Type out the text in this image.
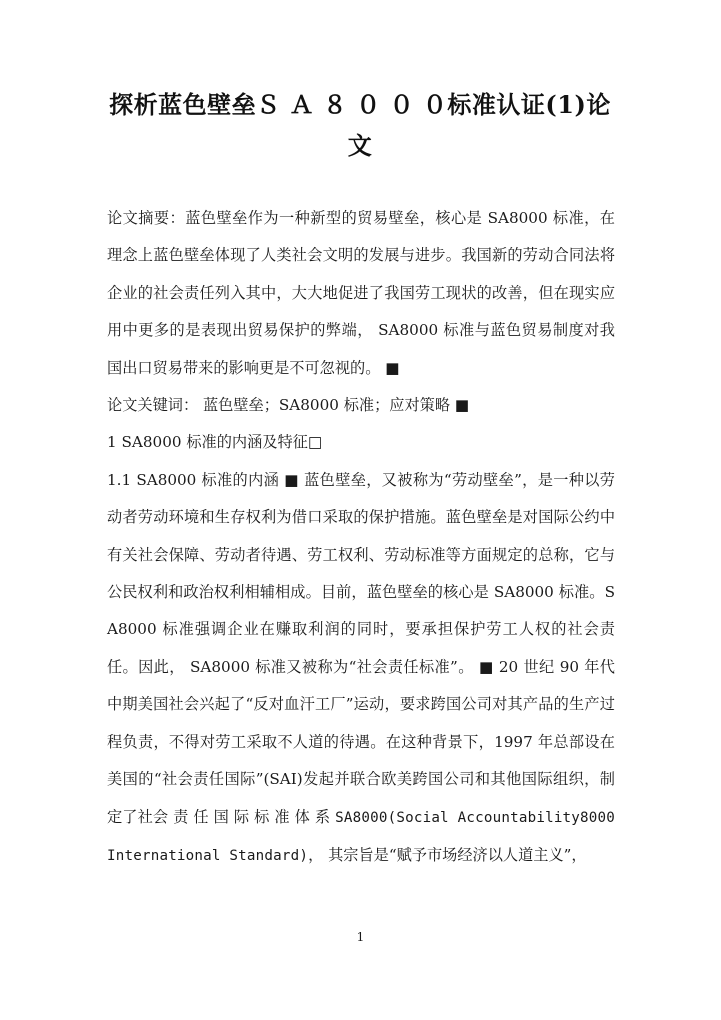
探析蓝色壁垒Ｓ Ａ ８ ０ ０ ０标准认证(1)论文

论文摘要：蓝色壁垒作为一种新型的贸易壁垒，核心是 SA8000 标准，在理念上蓝色壁垒体现了人类社会文明的发展与进步。我国新的劳动合同法将企业的社会责任列入其中，大大地促进了我国劳工现状的改善，但在现实应用中更多的是表现出贸易保护的弊端， SA8000 标准与蓝色贸易制度对我国出口贸易带来的影响更是不可忽视的。 ■

论文关键词： 蓝色壁垒；SA8000 标准；应对策略 ■

1 SA8000 标准的内涵及特征□

1.1 SA8000 标准的内涵 ■ 蓝色壁垒，又被称为“劳动壁垒”，是一种以劳动者劳动环境和生存权利为借口采取的保护措施。蓝色壁垒是对国际公约中有关社会保障、劳动者待遇、劳工权利、劳动标准等方面规定的总称，它与公民权利和政治权利相辅相成。目前，蓝色壁垒的核心是 SA8000 标准。SA8000 标准强调企业在赚取利润的同时，要承担保护劳工人权的社会责任。因此， SA8000 标准又被称为“社会责任标准”。 ■ 20 世纪 90 年代中期美国社会兴起了“反对血汗工厂”运动，要求跨国公司对其产品的生产过程负责，不得对劳工采取不人道的待遇。在这种背景下，1997 年总部设在美国的“社会责任国际”(SAI)发起并联合欧美跨国公司和其他国际组织，制定了社会 责 任 国 际 标 准 体 系 SA8000(Social Accountability8000 International Standard)， 其宗旨是“赋予市场经济以人道主义”，

1
